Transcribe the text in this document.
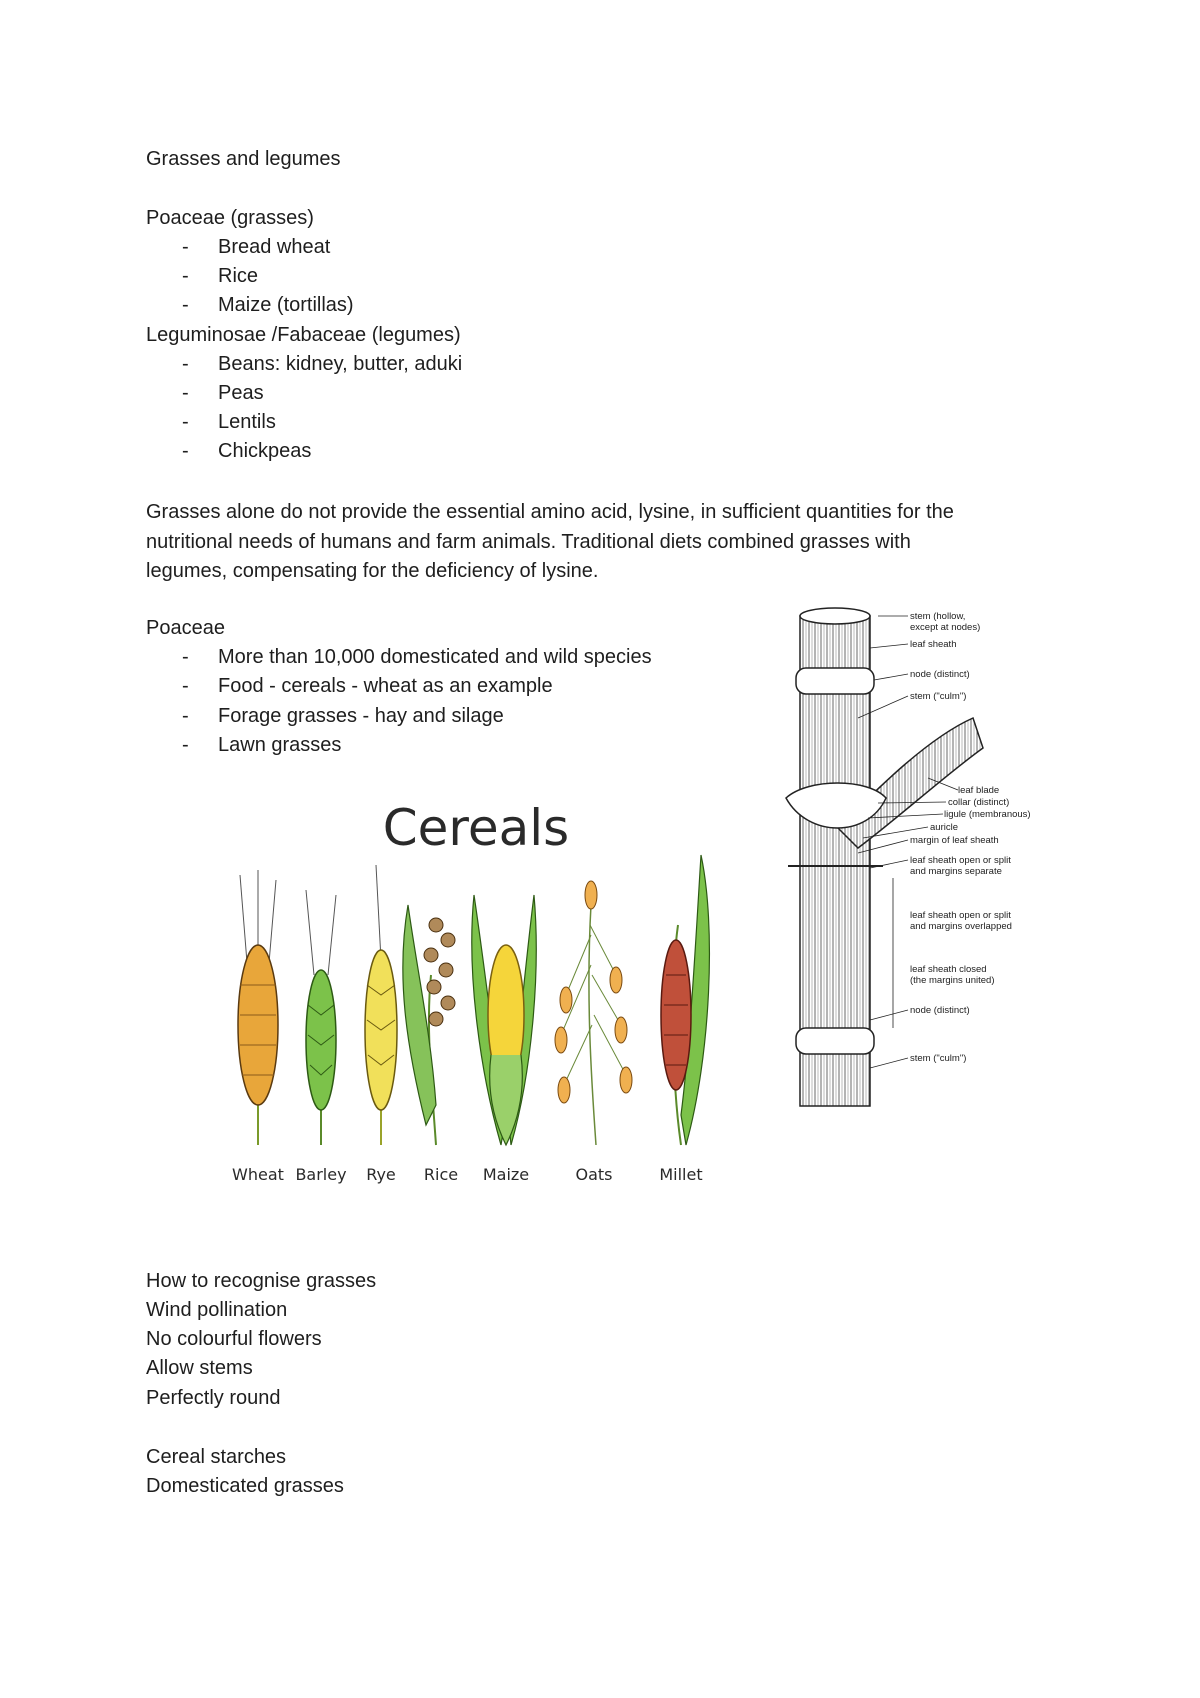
Grasses and legumes
Poaceae (grasses)
- Bread wheat
- Rice
- Maize (tortillas)
Leguminosae /Fabaceae (legumes)
- Beans: kidney, butter, aduki
- Peas
- Lentils
- Chickpeas
Grasses alone do not provide the essential amino acid, lysine, in sufficient quantities for the
nutritional needs of humans and farm animals. Traditional diets combined grasses with
legumes, compensating for the deficiency of lysine.
Poaceae
- More than 10,000 domesticated and wild species
- Food - cereals - wheat as an example
- Forage grasses - hay and silage
- Lawn grasses
Cereals
Wheat Barley Rye Rice Maize	Oats	Millet
stem (hollow,
except at nodes)
leaf sheath
node (distinct)
stem ("culm")
leaf blade
collar (distinct)
ligule (membranous)
auricle
margin of leaf sheath
leaf sheath open or split
and margins separate
leaf sheath open or split
and margins overlapped
leaf sheath closed
(the margins united)
node (distinct)
stem ("culm")
How to recognise grasses
Wind pollination
No colourful flowers
Allow stems
Perfectly round
Cereal starches
Domesticated grasses
